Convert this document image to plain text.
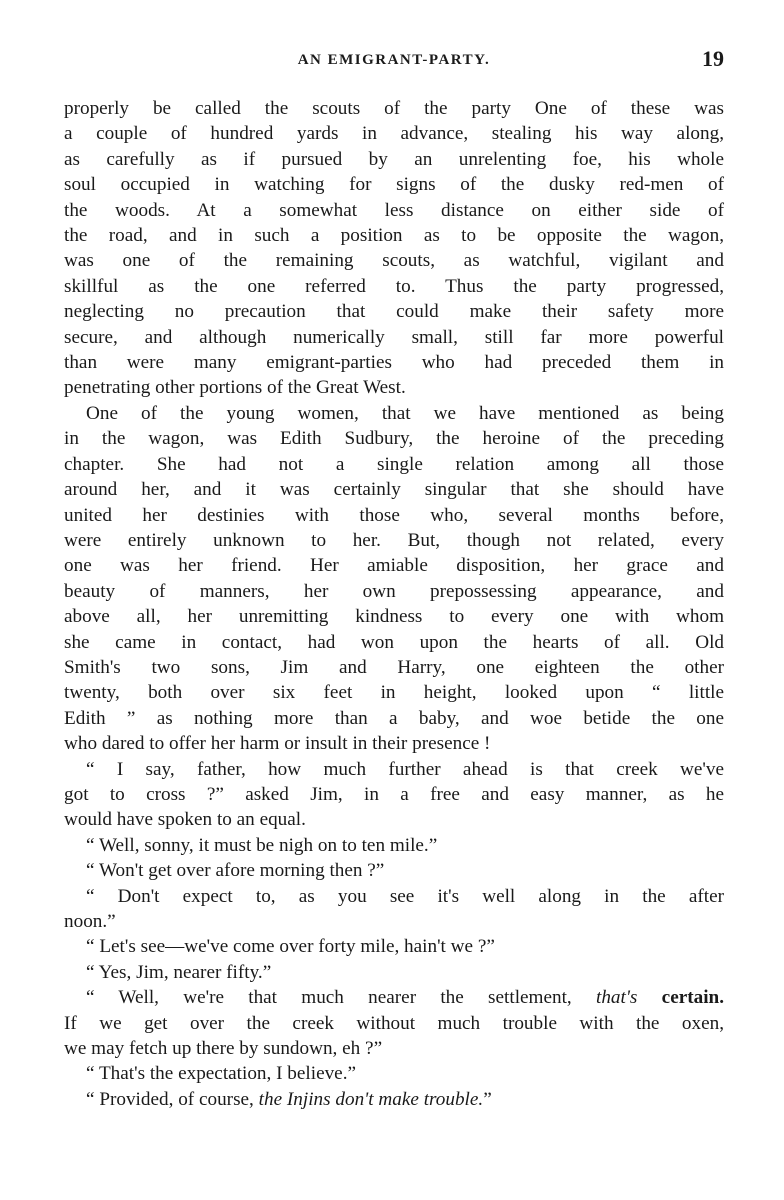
AN EMIGRANT-PARTY.	19
properly be called the scouts of the party One of these was
a couple of hundred yards in advance, stealing his way along,
as carefully as if pursued by an unrelenting foe, his whole
soul occupied in watching for signs of the dusky red-men of
the woods. At a somewhat less distance on either side of
the road, and in such a position as to be opposite the wagon,
was one of the remaining scouts, as watchful, vigilant and
skillful as the one referred to. Thus the party progressed,
neglecting no precaution that could make their safety more
secure, and although numerically small, still far more powerful
than were many emigrant-parties who had preceded them in
penetrating other portions of the Great West.
One of the young women, that we have mentioned as being
in the wagon, was Edith Sudbury, the heroine of the preceding
chapter. She had not a single relation among all those
around her, and it was certainly singular that she should have
united her destinies with those who, several months before,
were entirely unknown to her. But, though not related, every
one was her friend. Her amiable disposition, her grace and
beauty of manners, her own prepossessing appearance, and
above all, her unremitting kindness to every one with whom
she came in contact, had won upon the hearts of all. Old
Smith's two sons, Jim and Harry, one eighteen the other
twenty, both over six feet in height, looked upon “ little
Edith ” as nothing more than a baby, and woe betide the one
who dared to offer her harm or insult in their presence !
“ I say, father, how much further ahead is that creek we've
got to cross ?” asked Jim, in a free and easy manner, as he
would have spoken to an equal.
“ Well, sonny, it must be nigh on to ten mile.”
“ Won't get over afore morning then ?”
“ Don't expect to, as you see it's well along in the after
noon.”
“ Let's see—we've come over forty mile, hain't we ?”
“ Yes, Jim, nearer fifty.”
“ Well, we're that much nearer the settlement, that's certain.
If we get over the creek without much trouble with the oxen,
we may fetch up there by sundown, eh ?”
“ That's the expectation, I believe.”
“ Provided, of course, the Injins don't make trouble.”
